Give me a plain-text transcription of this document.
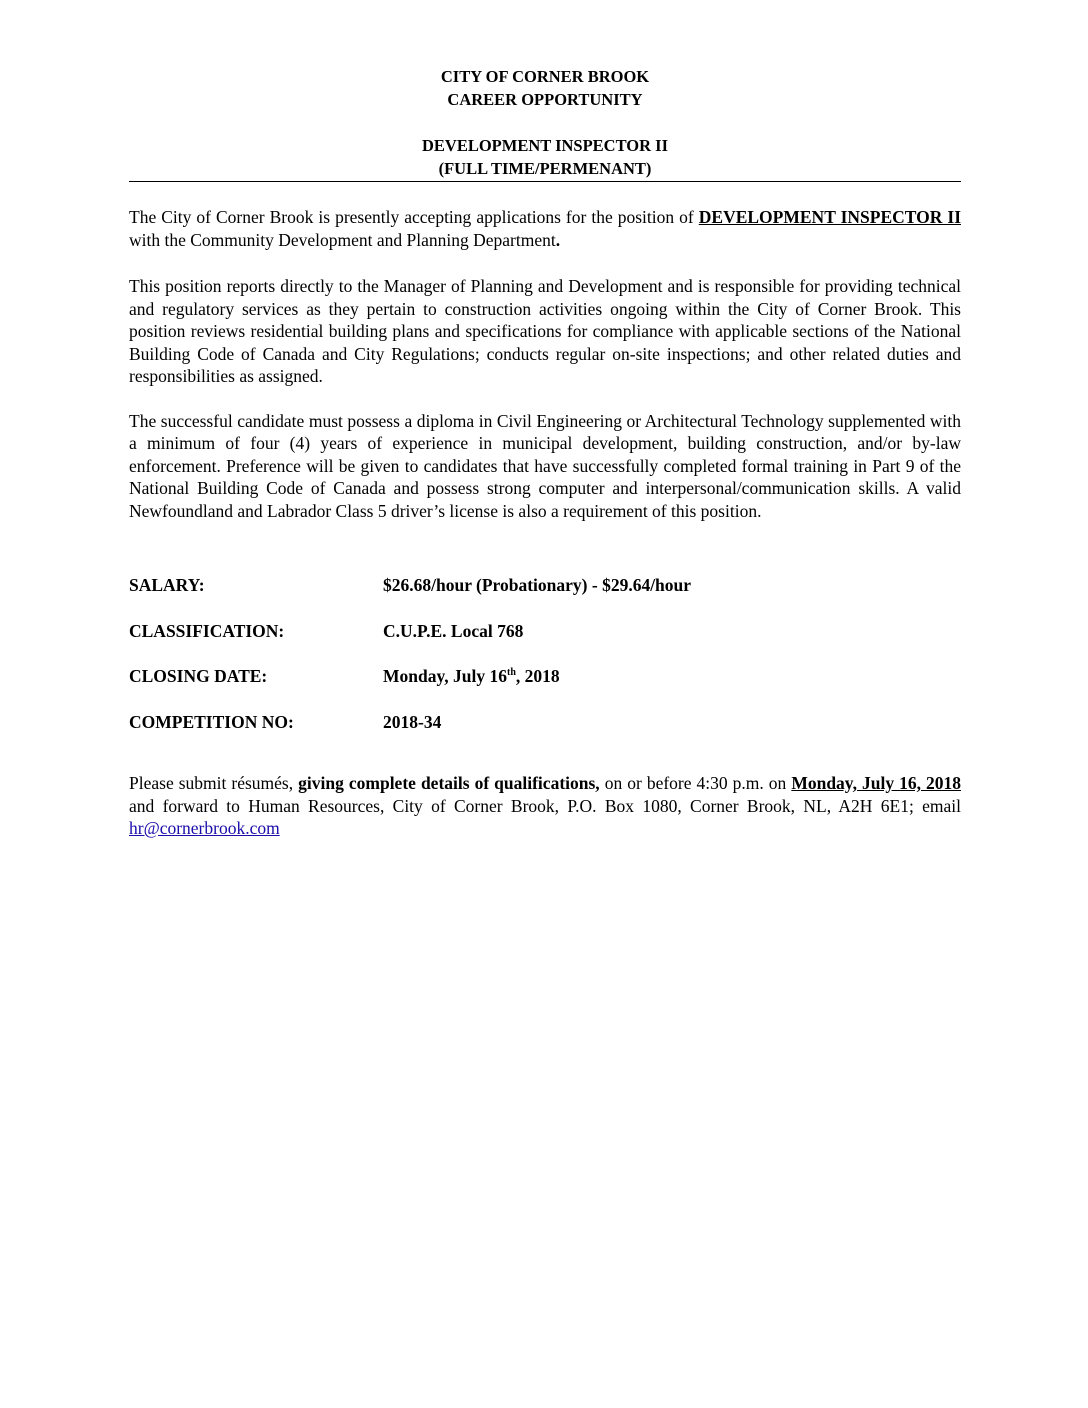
CITY OF CORNER BROOK
CAREER OPPORTUNITY
DEVELOPMENT INSPECTOR II
(FULL TIME/PERMENANT)

The City of Corner Brook is presently accepting applications for the position of DEVELOPMENT INSPECTOR II with the Community Development and Planning Department.

This position reports directly to the Manager of Planning and Development and is responsible for providing technical and regulatory services as they pertain to construction activities ongoing within the City of Corner Brook. This position reviews residential building plans and specifications for compliance with applicable sections of the National Building Code of Canada and City Regulations; conducts regular on-site inspections; and other related duties and responsibilities as assigned.

The successful candidate must possess a diploma in Civil Engineering or Architectural Technology supplemented with a minimum of four (4) years of experience in municipal development, building construction, and/or by-law enforcement. Preference will be given to candidates that have successfully completed formal training in Part 9 of the National Building Code of Canada and possess strong computer and interpersonal/communication skills. A valid Newfoundland and Labrador Class 5 driver’s license is also a requirement of this position.

SALARY:	$26.68/hour (Probationary) - $29.64/hour
CLASSIFICATION:	C.U.P.E. Local 768
CLOSING DATE:	Monday, July 16th, 2018
COMPETITION NO:	2018-34

Please submit résumés, giving complete details of qualifications, on or before 4:30 p.m. on Monday, July 16, 2018 and forward to Human Resources, City of Corner Brook, P.O. Box 1080, Corner Brook, NL, A2H 6E1; email hr@cornerbrook.com
